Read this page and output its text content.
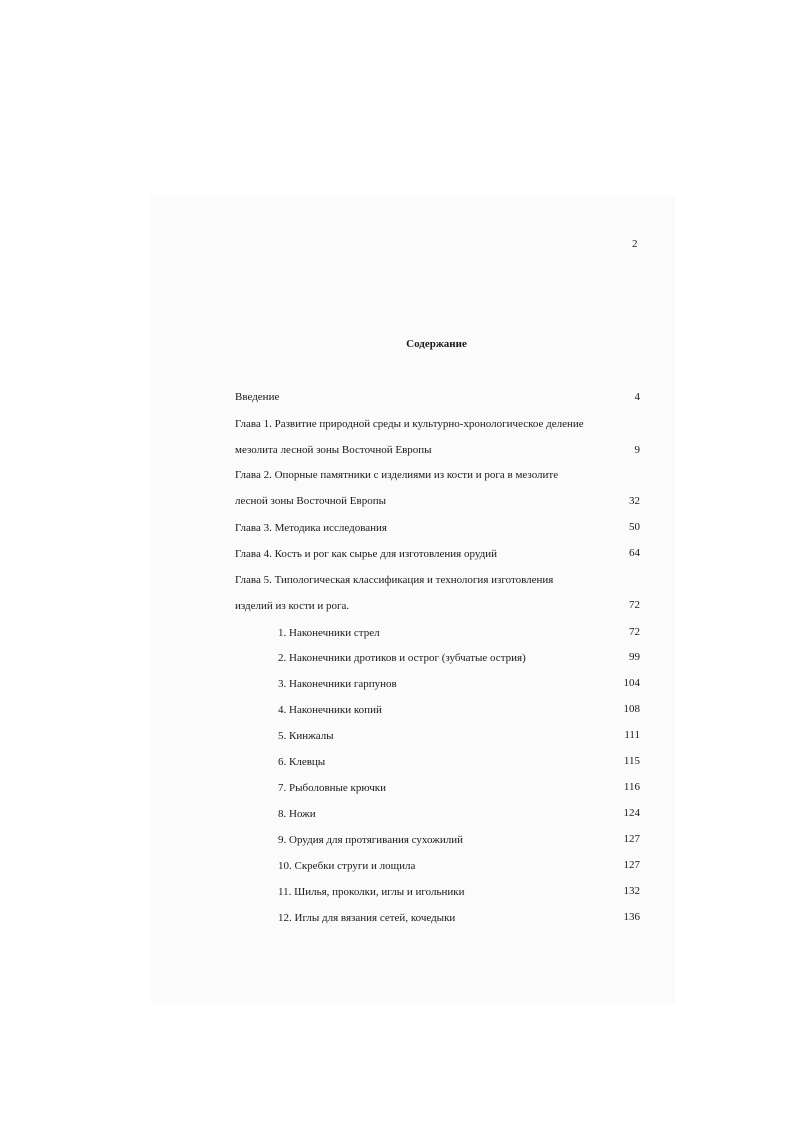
2
Содержание
Введение	4
Глава 1. Развитие природной среды и культурно-хронологическое деление
мезолита лесной зоны Восточной Европы	9
Глава 2. Опорные памятники с изделиями из кости и рога в мезолите
лесной зоны Восточной Европы	32
Глава 3. Методика исследования	50
Глава 4. Кость и рог как сырье для изготовления орудий	64
Глава 5. Типологическая классификация и технология изготовления
изделий из кости и рога.	72
1. Наконечники стрел	72
2. Наконечники дротиков и острог (зубчатые острия)	99
3. Наконечники гарпунов	104
4. Наконечники копий	108
5. Кинжалы	111
6. Клевцы	115
7. Рыболовные крючки	116
8. Ножи	124
9. Орудия для протягивания сухожилий	127
10. Скребки струги и лощила	127
11. Шилья, проколки, иглы и игольники	132
12. Иглы для вязания сетей, кочедыки	136
